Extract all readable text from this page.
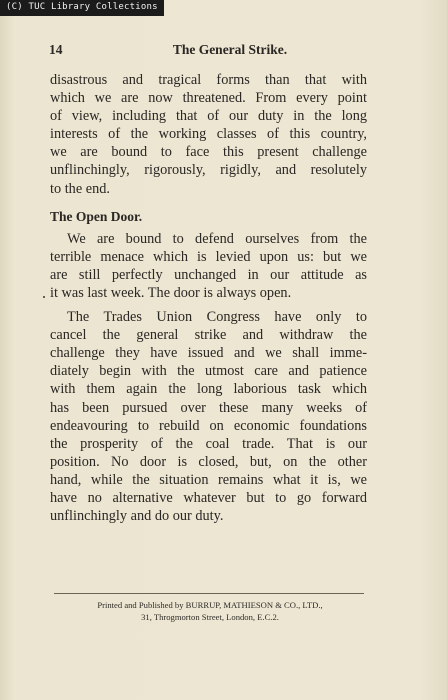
(C) TUC Library Collections
14	The General Strike.
disastrous and tragical forms than that with
which we are now threatened. From every point
of view, including that of our duty in the long
interests of the working classes of this country,
we are bound to face this present challenge
unflinchingly, rigorously, rigidly, and resolutely
to the end.
The Open Door.
We are bound to defend ourselves from the
terrible menace which is levied upon us: but we
are still perfectly unchanged in our attitude as
it was last week. The door is always open.
The Trades Union Congress have only to
cancel the general strike and withdraw the
challenge they have issued and we shall imme-
diately begin with the utmost care and patience
with them again the long laborious task which
has been pursued over these many weeks of
endeavouring to rebuild on economic foundations
the prosperity of the coal trade. That is our
position. No door is closed, but, on the other
hand, while the situation remains what it is, we
have no alternative whatever but to go forward
unflinchingly and do our duty.
Printed and Published by BURRUP, MATHIESON & CO., LTD.,
31, Throgmorton Street, London, E.C.2.
